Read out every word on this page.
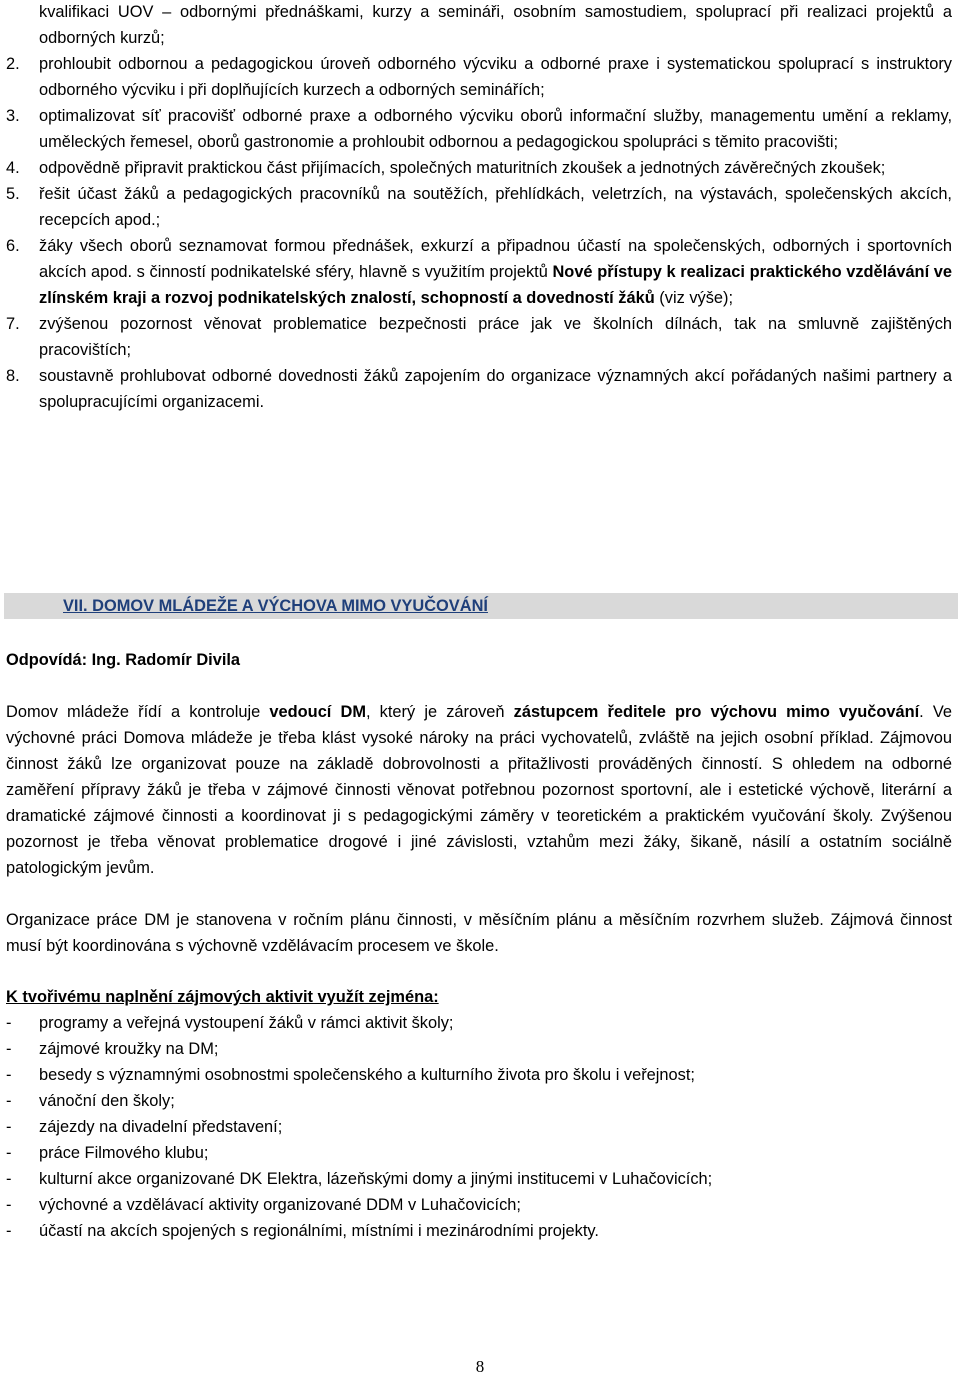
kvalifikaci UOV – odbornými přednáškami, kurzy a semináři, osobním samostudiem, spoluprací při realizaci projektů a odborných kurzů;
2. prohloubit odbornou a pedagogickou úroveň odborného výcviku a odborné praxe i systematickou spoluprací s instruktory odborného výcviku i při doplňujících kurzech a odborných seminářích;
3. optimalizovat síť pracovišť odborné praxe a odborného výcviku oborů informační služby, managementu umění a reklamy, uměleckých řemesel, oborů gastronomie a prohloubit odbornou a pedagogickou spolupráci s těmito pracovišti;
4. odpovědně připravit praktickou část přijímacích, společných maturitních zkoušek a jednotných závěrečných zkoušek;
5. řešit účast žáků a pedagogických pracovníků na soutěžích, přehlídkách, veletrzích, na výstavách, společenských akcích, recepcích apod.;
6. žáky všech oborů seznamovat formou přednášek, exkurzí a připadnou účastí na společenských, odborných i sportovních akcích apod. s činností podnikatelské sféry, hlavně s využitím projektů Nové přístupy k realizaci praktického vzdělávání ve zlínském kraji a rozvoj podnikatelských znalostí, schopností a dovedností žáků (viz výše);
7. zvýšenou pozornost věnovat problematice bezpečnosti práce jak ve školních dílnách, tak na smluvně zajištěných pracovištích;
8. soustavně prohlubovat odborné dovednosti žáků zapojením do organizace významných akcí pořádaných našimi partnery a spolupracujícími organizacemi.
VII. DOMOV MLÁDEŽE A VÝCHOVA MIMO VYUČOVÁNÍ
Odpovídá: Ing. Radomír Divila

Domov mládeže řídí a kontroluje vedoucí DM, který je zároveň zástupcem ředitele pro výchovu mimo vyučování. Ve výchovné práci Domova mládeže je třeba klást vysoké nároky na práci vychovatelů, zvláště na jejich osobní příklad. Zájmovou činnost žáků lze organizovat pouze na základě dobrovolnosti a přitažlivosti prováděných činností. S ohledem na odborné zaměření přípravy žáků je třeba v zájmové činnosti věnovat potřebnou pozornost sportovní, ale i estetické výchově, literární a dramatické zájmové činnosti a koordinovat ji s pedagogickými záměry v teoretickém a praktickém vyučování školy. Zvýšenou pozornost je třeba věnovat problematice drogové i jiné závislosti, vztahům mezi žáky, šikaně, násilí a ostatním sociálně patologickým jevům.

Organizace práce DM je stanovena v ročním plánu činnosti, v měsíčním plánu a měsíčním rozvrhem služeb. Zájmová činnost musí být koordinována s výchovně vzdělávacím procesem ve škole.

K tvořivému naplnění zájmových aktivit využít zejména:
- programy a veřejná vystoupení žáků v rámci aktivit školy;
- zájmové kroužky na DM;
- besedy s významnými osobnostmi společenského a kulturního života pro školu i veřejnost;
- vánoční den školy;
- zájezdy na divadelní představení;
- práce Filmového klubu;
- kulturní akce organizované DK Elektra, lázeňskými domy a jinými institucemi v Luhačovicích;
- výchovné a vzdělávací aktivity organizované DDM v Luhačovicích;
- účastí na akcích spojených s regionálními, místními i mezinárodními projekty.
8
